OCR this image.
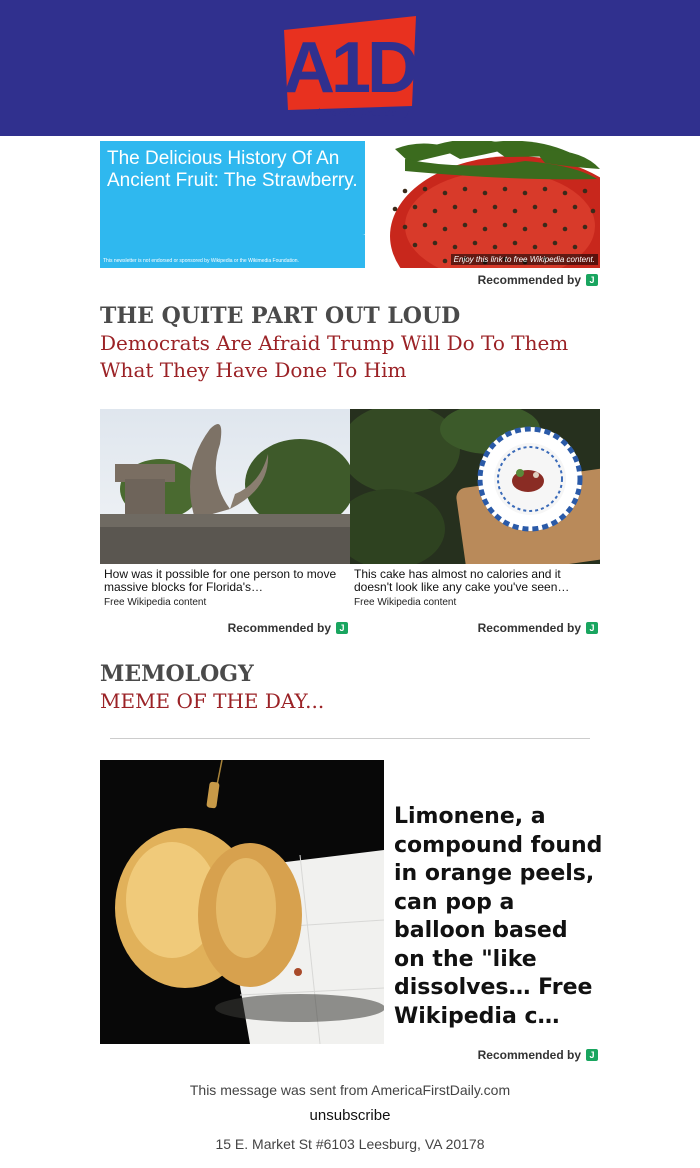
A1D
America first daily
The Delicious History Of An Ancient Fruit: The Strawberry.
This newsletter is not endorsed or sponsored by Wikipedia or the Wikimedia Foundation.	Enjoy this link to free Wikipedia content.
Recommended by J
THE QUITE PART OUT LOUD
Democrats Are Afraid Trump Will Do To Them What They Have Done To Him
How was it possible for one person to move massive blocks for Florida's…
Free Wikipedia content
This cake has almost no calories and it doesn't look like any cake you've seen…
Free Wikipedia content
Recommended by J	Recommended by J
MEMOLOGY
MEME OF THE DAY...
Limonene, a compound found in orange peels, can pop a balloon based on the "like dissolves… Free Wikipedia c…
Recommended by J
This message was sent from AmericaFirstDaily.com
unsubscribe
15 E. Market St #6103 Leesburg, VA 20178
